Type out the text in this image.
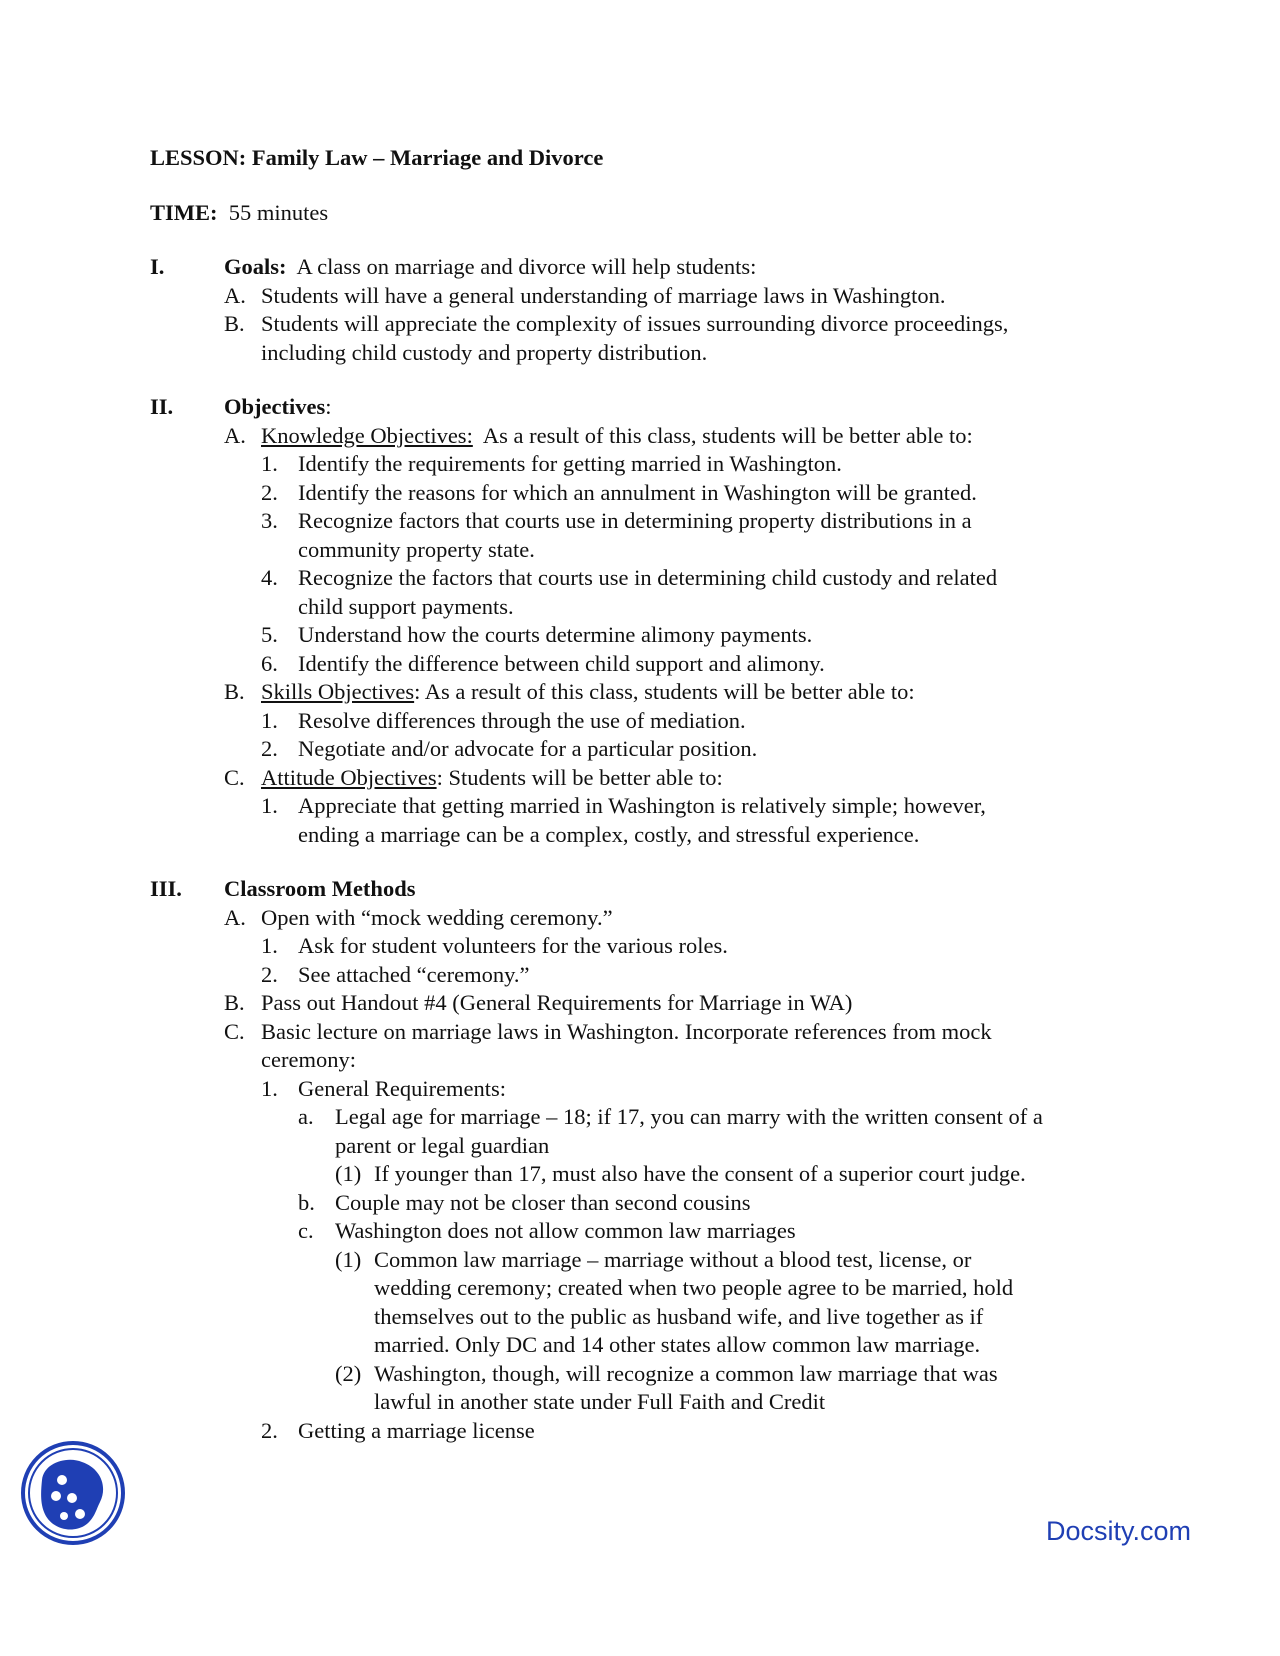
LESSON: Family Law – Marriage and Divorce
TIME: 55 minutes
I.	Goals: A class on marriage and divorce will help students:
A. Students will have a general understanding of marriage laws in Washington.
B. Students will appreciate the complexity of issues surrounding divorce proceedings,
including child custody and property distribution.
II. Objectives:
A. Knowledge Objectives: As a result of this class, students will be better able to:
1. Identify the requirements for getting married in Washington.
2. Identify the reasons for which an annulment in Washington will be granted.
3. Recognize factors that courts use in determining property distributions in a
community property state.
4. Recognize the factors that courts use in determining child custody and related
child support payments.
5. Understand how the courts determine alimony payments.
6. Identify the difference between child support and alimony.
B. Skills Objectives: As a result of this class, students will be better able to:
1. Resolve differences through the use of mediation.
2. Negotiate and/or advocate for a particular position.
C. Attitude Objectives: Students will be better able to:
1. Appreciate that getting married in Washington is relatively simple; however,
ending a marriage can be a complex, costly, and stressful experience.
III. Classroom Methods
A. Open with “mock wedding ceremony.”
1. Ask for student volunteers for the various roles.
2. See attached “ceremony.”
B. Pass out Handout #4 (General Requirements for Marriage in WA)
C. Basic lecture on marriage laws in Washington. Incorporate references from mock
ceremony:
1. General Requirements:
a. Legal age for marriage – 18; if 17, you can marry with the written consent of a
parent or legal guardian
(1) If younger than 17, must also have the consent of a superior court judge.
b. Couple may not be closer than second cousins
c. Washington does not allow common law marriages
(1) Common law marriage – marriage without a blood test, license, or
wedding ceremony; created when two people agree to be married, hold
themselves out to the public as husband wife, and live together as if
married. Only DC and 14 other states allow common law marriage.
(2) Washington, though, will recognize a common law marriage that was
lawful in another state under Full Faith and Credit
2. Getting a marriage license
Docsity.com
